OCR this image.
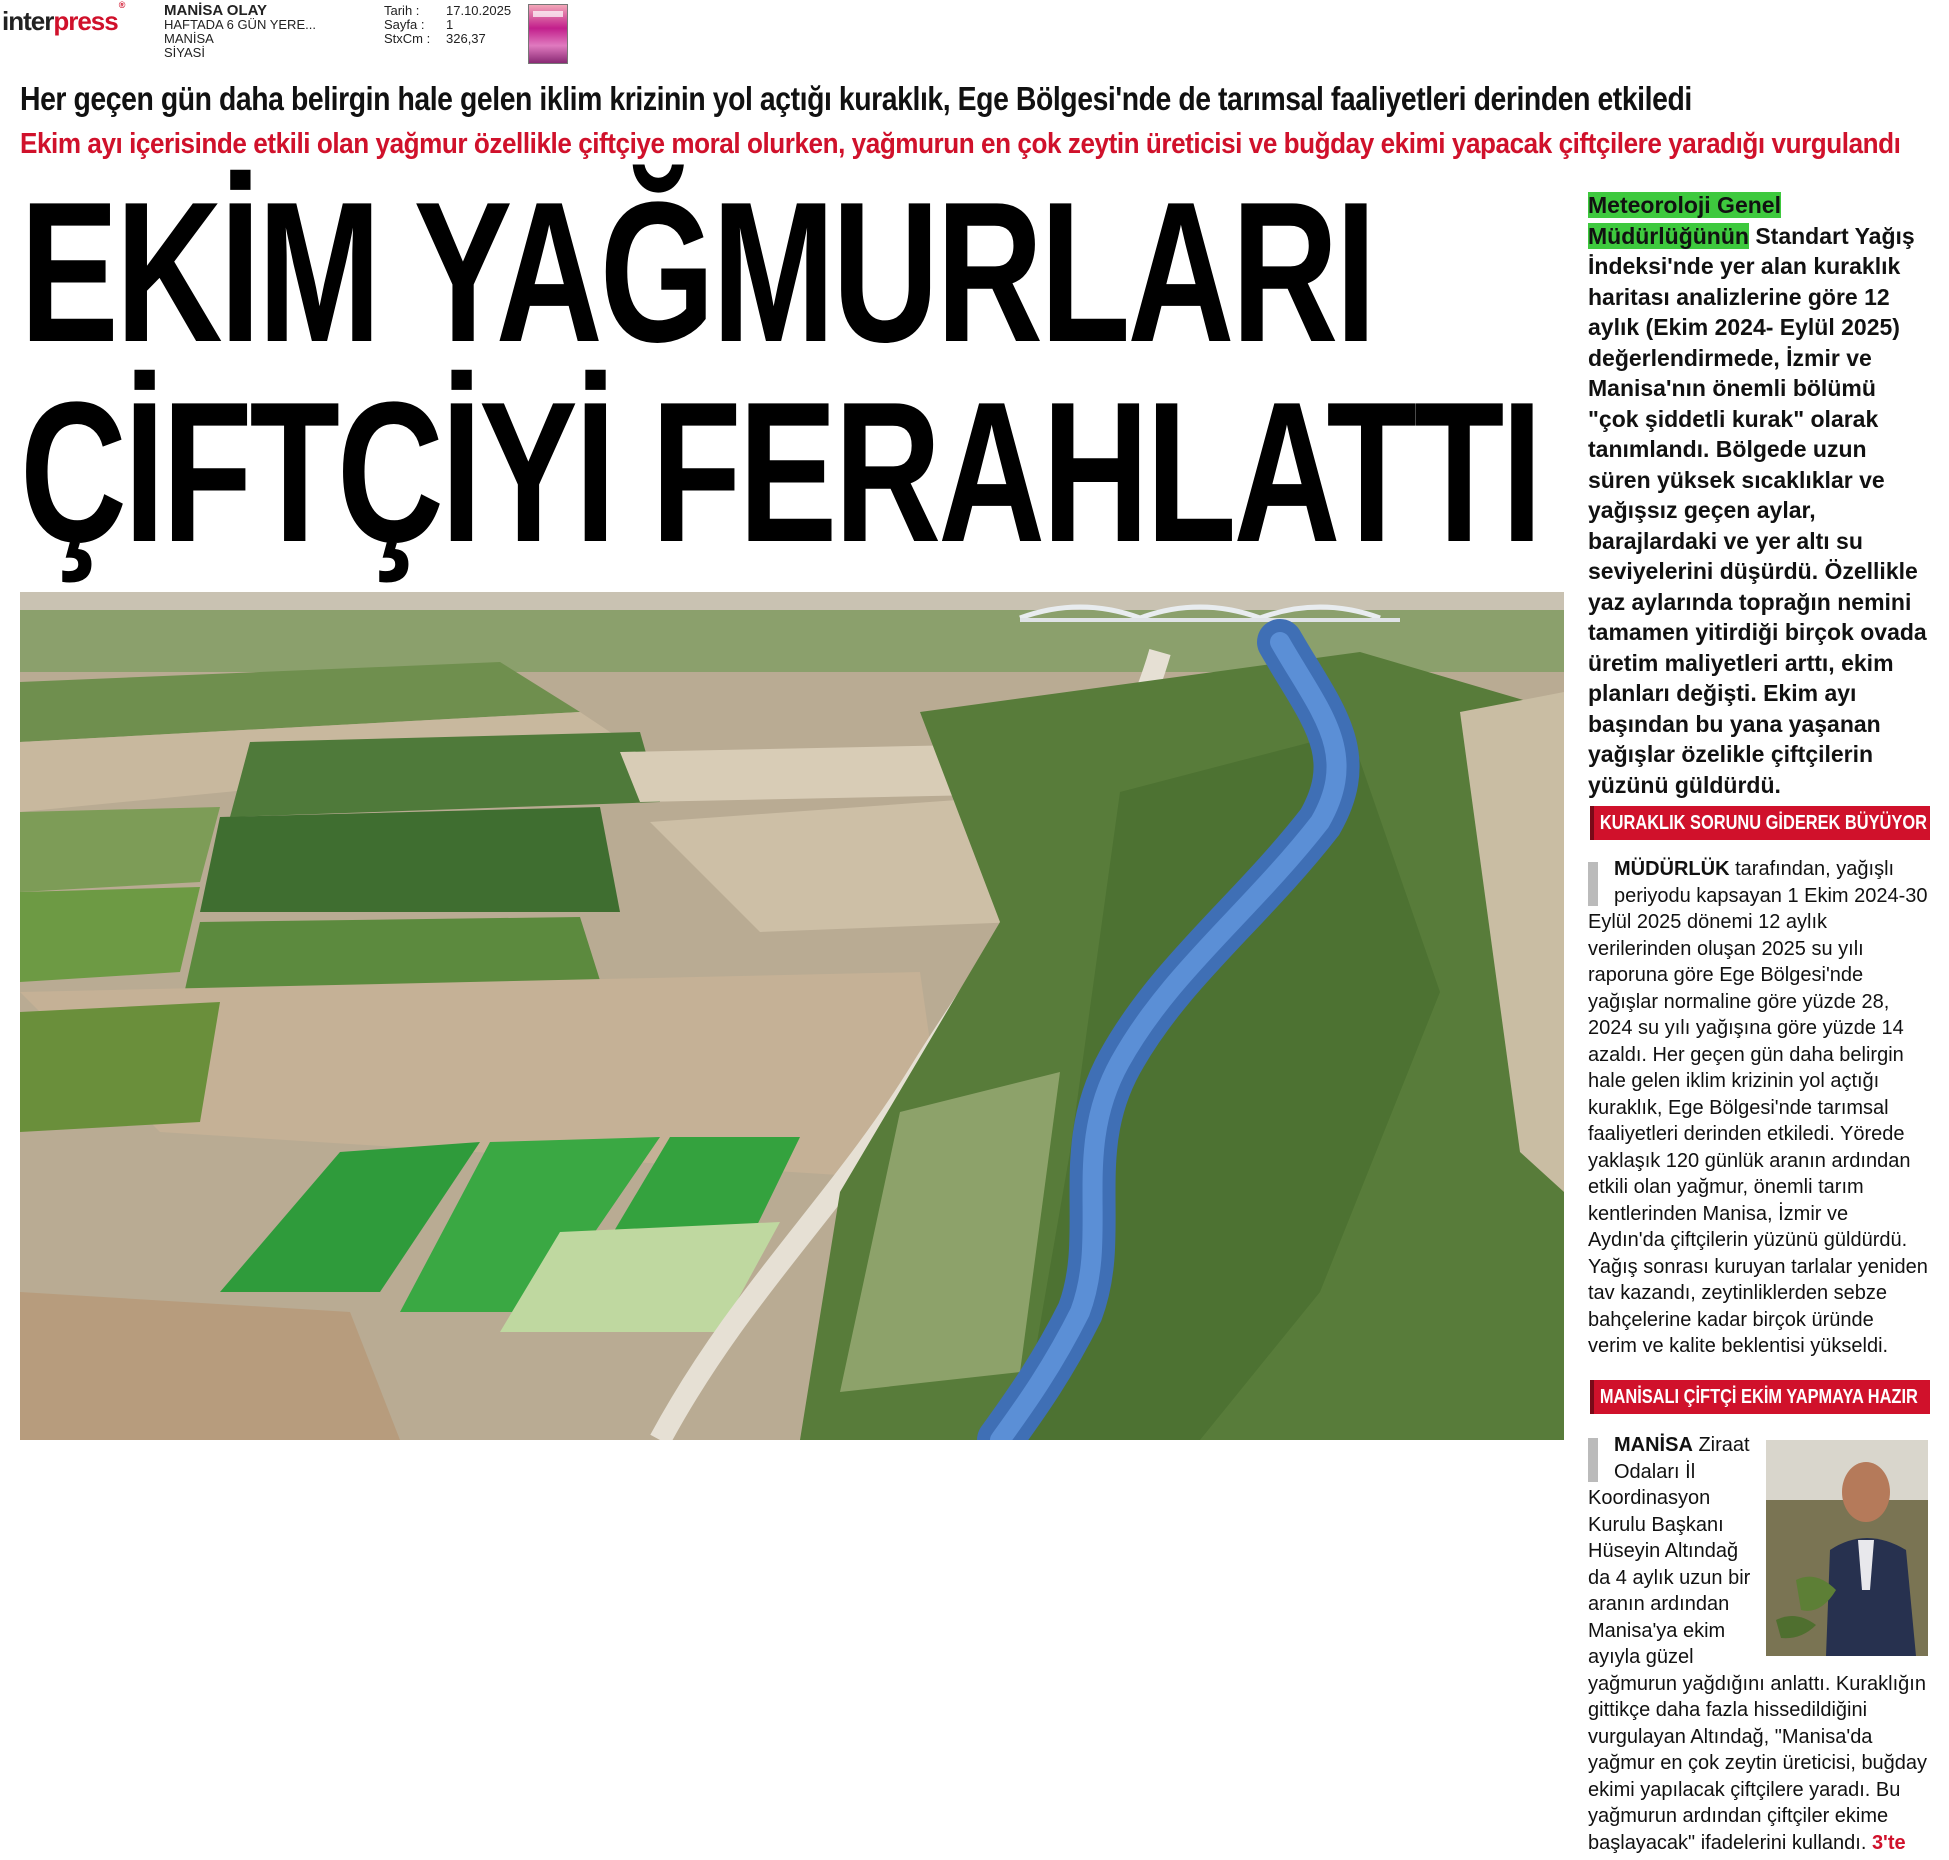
interpress®	MANİSA OLAY
HAFTADA 6 GÜN YERE...
MANİSA
SİYASİ
Tarih :	17.10.2025
Sayfa :	1
StxCm :	326,37
Her geçen gün daha belirgin hale gelen iklim krizinin yol açtığı kuraklık, Ege Bölgesi'nde de tarımsal faaliyetleri derinden etkiledi
Ekim ayı içerisinde etkili olan yağmur özellikle çiftçiye moral olurken, yağmurun en çok zeytin üreticisi ve buğday ekimi yapacak çiftçilere yaradığı vurgulandı
EKİM YAĞMURLARI
ÇİFTÇİYİ FERAHLATTI
Meteoroloji Genel Müdürlüğünün Standart Yağış İndeksi'nde yer alan kuraklık haritası analizlerine göre 12 aylık (Ekim 2024- Eylül 2025) değerlendirmede, İzmir ve Manisa'nın önemli bölümü "çok şiddetli kurak" olarak tanımlandı. Bölgede uzun süren yüksek sıcaklıklar ve yağışsız geçen aylar, barajlardaki ve yer altı su seviyelerini düşürdü. Özellikle yaz aylarında toprağın nemini tamamen yitirdiği birçok ovada üretim maliyetleri arttı, ekim planları değişti. Ekim ayı başından bu yana yaşanan yağışlar özelikle çiftçilerin yüzünü güldürdü.
KURAKLIK SORUNU GİDEREK BÜYÜYOR
MÜDÜRLÜK tarafından, yağışlı periyodu kapsayan 1 Ekim 2024-30 Eylül 2025 dönemi 12 aylık verilerinden oluşan 2025 su yılı raporuna göre Ege Bölgesi'nde yağışlar normaline göre yüzde 28, 2024 su yılı yağışına göre yüzde 14 azaldı. Her geçen gün daha belirgin hale gelen iklim krizinin yol açtığı kuraklık, Ege Bölgesi'nde tarımsal faaliyetleri derinden etkiledi. Yörede yaklaşık 120 günlük aranın ardından etkili olan yağmur, önemli tarım kentlerinden Manisa, İzmir ve Aydın'da çiftçilerin yüzünü güldürdü. Yağış sonrası kuruyan tarlalar yeniden tav kazandı, zeytinliklerden sebze bahçelerine kadar birçok üründe verim ve kalite beklentisi yükseldi.
MANİSALI ÇİFTÇİ EKİM YAPMAYA HAZIR
MANİSA Ziraat Odaları İl Koordinasyon Kurulu Başkanı Hüseyin Altındağ da 4 aylık uzun bir aranın ardından Manisa'ya ekim ayıyla güzel yağmurun yağdığını anlattı. Kuraklığın gittikçe daha fazla hissedildiğini vurgulayan Altındağ, "Manisa'da yağmur en çok zeytin üreticisi, buğday ekimi yapılacak çiftçilere yaradı. Bu yağmurun ardından çiftçiler ekime başlayacak" ifadelerini kullandı. 3'te
